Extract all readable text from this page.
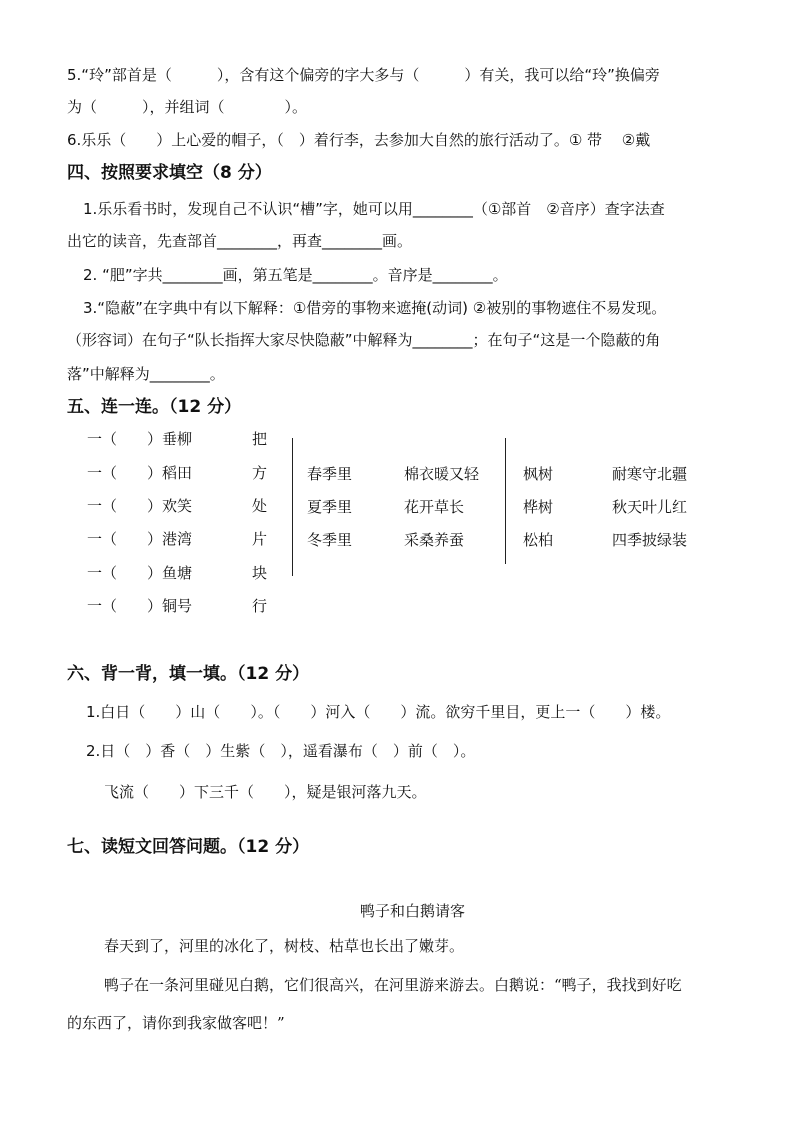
5.“玲”部首是（　　　），含有这个偏旁的字大多与（　　　）有关，我可以给“玲”换偏旁
为（　　　），并组词（　　　　）。
6.乐乐（　　）上心爱的帽子，（　）着行李，去参加大自然的旅行活动了。① 带　 ②戴
四、按照要求填空（8 分）
1.乐乐看书时，发现自己不认识“槽”字，她可以用________（①部首　②音序）查字法查
出它的读音，先查部首________，再查________画。
2. “肥”字共________画，第五笔是________。音序是________。
3.“隐蔽”在字典中有以下解释：①借旁的事物来遮掩(动词) ②被别的事物遮住不易发现。
（形容词）在句子“队长指挥大家尽快隐蔽”中解释为________；在句子“这是一个隐蔽的角
落”中解释为________。
五、连一连。（12 分）
一（　　）垂柳
一（　　）稻田
一（　　）欢笑
一（　　）港湾
一（　　）鱼塘
一（　　）铜号
把
方
处
片
块
行
春季里
夏季里
冬季里
棉衣暖又轻
花开草长
采桑养蚕
枫树
桦树
松柏
耐寒守北疆
秋天叶儿红
四季披绿装
六、背一背，填一填。（12 分）
1.白日（　　）山（　　）。（　　）河入（　　）流。欲穷千里目，更上一（　　）楼。
2.日（　）香（　）生紫（　），遥看瀑布（　）前（　）。
飞流（　　）下三千（　　），疑是银河落九天。
七、读短文回答问题。（12 分）
鸭子和白鹅请客
春天到了，河里的冰化了，树枝、枯草也长出了嫩芽。
鸭子在一条河里碰见白鹅，它们很高兴，在河里游来游去。白鹅说：“鸭子，我找到好吃
的东西了，请你到我家做客吧！”
